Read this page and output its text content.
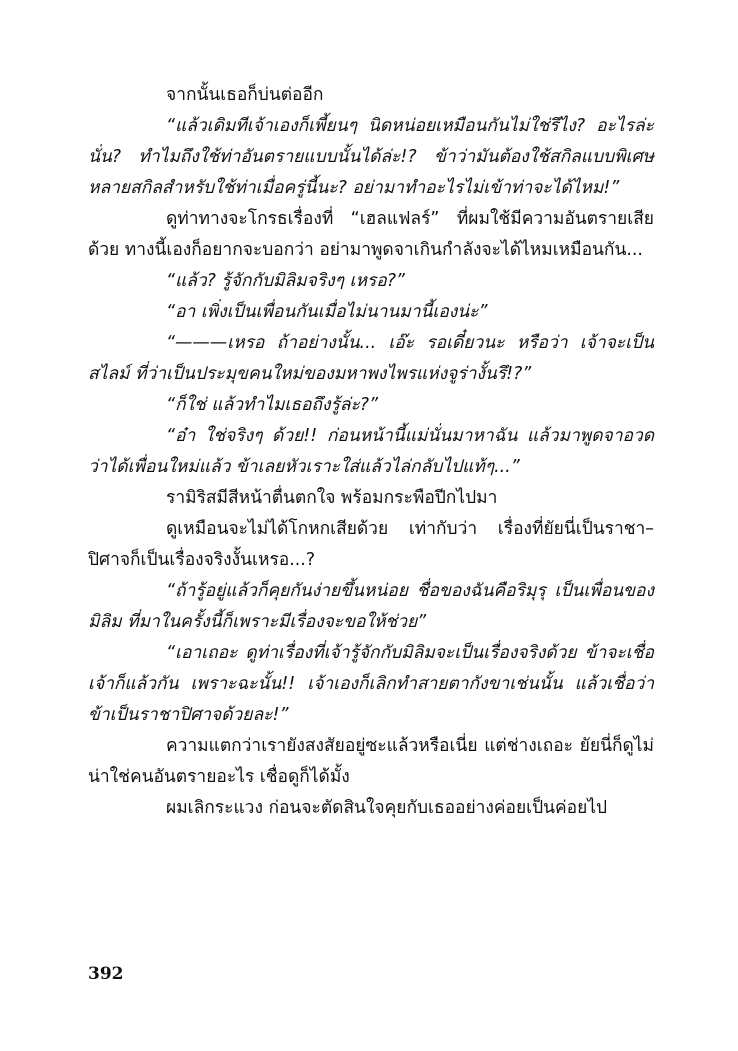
จากนั้นเธอก็บ่นต่ออีก

“แล้วเดิมทีเจ้าเองก็เพี้ยนๆ นิดหน่อยเหมือนกันไม่ใช่รึไง? อะไรล่ะนั่น? ทำไมถึงใช้ท่าอันตรายแบบนั้นได้ล่ะ!? ข้าว่ามันต้องใช้สกิลแบบพิเศษหลายสกิลสำหรับใช้ท่าเมื่อครู่นี้นะ? อย่ามาทำอะไรไม่เข้าท่าจะได้ไหม!”

ดูท่าทางจะโกรธเรื่องที่ “เฮลแฟลร์” ที่ผมใช้มีความอันตรายเสียด้วย ทางนี้เองก็อยากจะบอกว่า อย่ามาพูดจาเกินกำลังจะได้ไหมเหมือนกัน...

“แล้ว? รู้จักกับมิลิมจริงๆ เหรอ?”

“อา เพิ่งเป็นเพื่อนกันเมื่อไม่นานมานี้เองน่ะ”

“———เหรอ ถ้าอย่างนั้น... เอ๊ะ รอเดี๋ยวนะ หรือว่า เจ้าจะเป็นสไลม์ ที่ว่าเป็นประมุขคนใหม่ของมหาพงไพรแห่งจูร่างั้นรึ!?”

“ก็ใช่ แล้วทำไมเธอถึงรู้ล่ะ?”

“อ๋า ใช่จริงๆ ด้วย!! ก่อนหน้านี้แม่นั่นมาหาฉัน แล้วมาพูดจาอวดว่าได้เพื่อนใหม่แล้ว ข้าเลยหัวเราะใส่แล้วไล่กลับไปแท้ๆ...”

รามิริสมีสีหน้าตื่นตกใจ พร้อมกระพือปีกไปมา

ดูเหมือนจะไม่ได้โกหกเสียด้วย เท่ากับว่า เรื่องที่ยัยนี่เป็นราชา–ปิศาจก็เป็นเรื่องจริงงั้นเหรอ...?

“ถ้ารู้อยู่แล้วก็คุยกันง่ายขึ้นหน่อย ชื่อของฉันคือริมุรุ เป็นเพื่อนของมิลิม ที่มาในครั้งนี้ก็เพราะมีเรื่องจะขอให้ช่วย”

“เอาเถอะ ดูท่าเรื่องที่เจ้ารู้จักกับมิลิมจะเป็นเรื่องจริงด้วย ข้าจะเชื่อเจ้าก็แล้วกัน เพราะฉะนั้น!! เจ้าเองก็เลิกทำสายตากังขาเช่นนั้น แล้วเชื่อว่าข้าเป็นราชาปิศาจด้วยละ!”

ความแตกว่าเรายังสงสัยอยู่ซะแล้วหรือเนี่ย แต่ช่างเถอะ ยัยนี่ก็ดูไม่น่าใช่คนอันตรายอะไร เชื่อดูก็ได้มั้ง

ผมเลิกระแวง ก่อนจะตัดสินใจคุยกับเธออย่างค่อยเป็นค่อยไป

392
